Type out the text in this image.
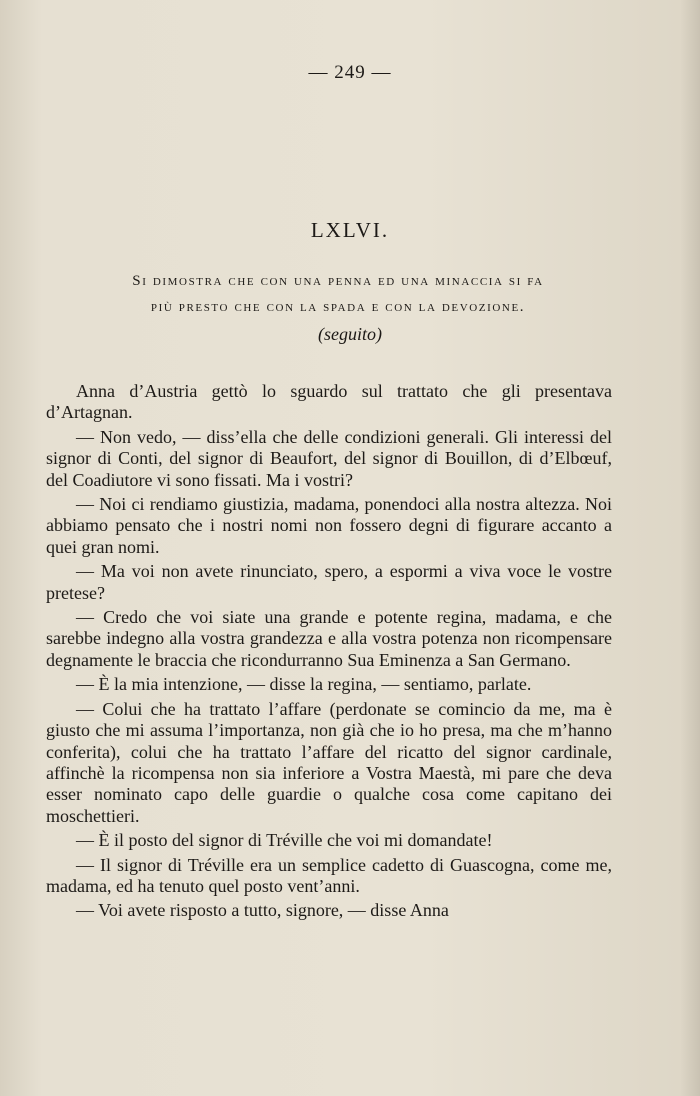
— 249 —
LXLVI.

Si dimostra che con una penna ed una minaccia si fa

più presto che con la spada e con la devozione.

(seguito)

Anna d’Austria gettò lo sguardo sul trattato che gli presentava d’Artagnan.

— Non vedo, — diss’ella che delle condizioni generali. Gli interessi del signor di Conti, del signor di Beaufort, del signor di Bouillon, di d’Elbœuf, del Coadiutore vi sono fissati. Ma i vostri?

— Noi ci rendiamo giustizia, madama, ponendoci alla nostra altezza. Noi abbiamo pensato che i nostri nomi non fossero degni di figurare accanto a quei gran nomi.

— Ma voi non avete rinunciato, spero, a espormi a viva voce le vostre pretese?

— Credo che voi siate una grande e potente regina, madama, e che sarebbe indegno alla vostra grandezza e alla vostra potenza non ricompensare degnamente le braccia che ricondurranno Sua Eminenza a San Germano.

— È la mia intenzione, — disse la regina, — sentiamo, parlate.

— Colui che ha trattato l’affare (perdonate se comincio da me, ma è giusto che mi assuma l’importanza, non già che io ho presa, ma che m’hanno conferita), colui che ha trattato l’affare del ricatto del signor cardinale, affinchè la ricompensa non sia inferiore a Vostra Maestà, mi pare che deva esser nominato capo delle guardie o qualche cosa come capitano dei moschettieri.

— È il posto del signor di Tréville che voi mi domandate!

— Il signor di Tréville era un semplice cadetto di Guascogna, come me, madama, ed ha tenuto quel posto vent’anni.

— Voi avete risposto a tutto, signore, — disse Anna
